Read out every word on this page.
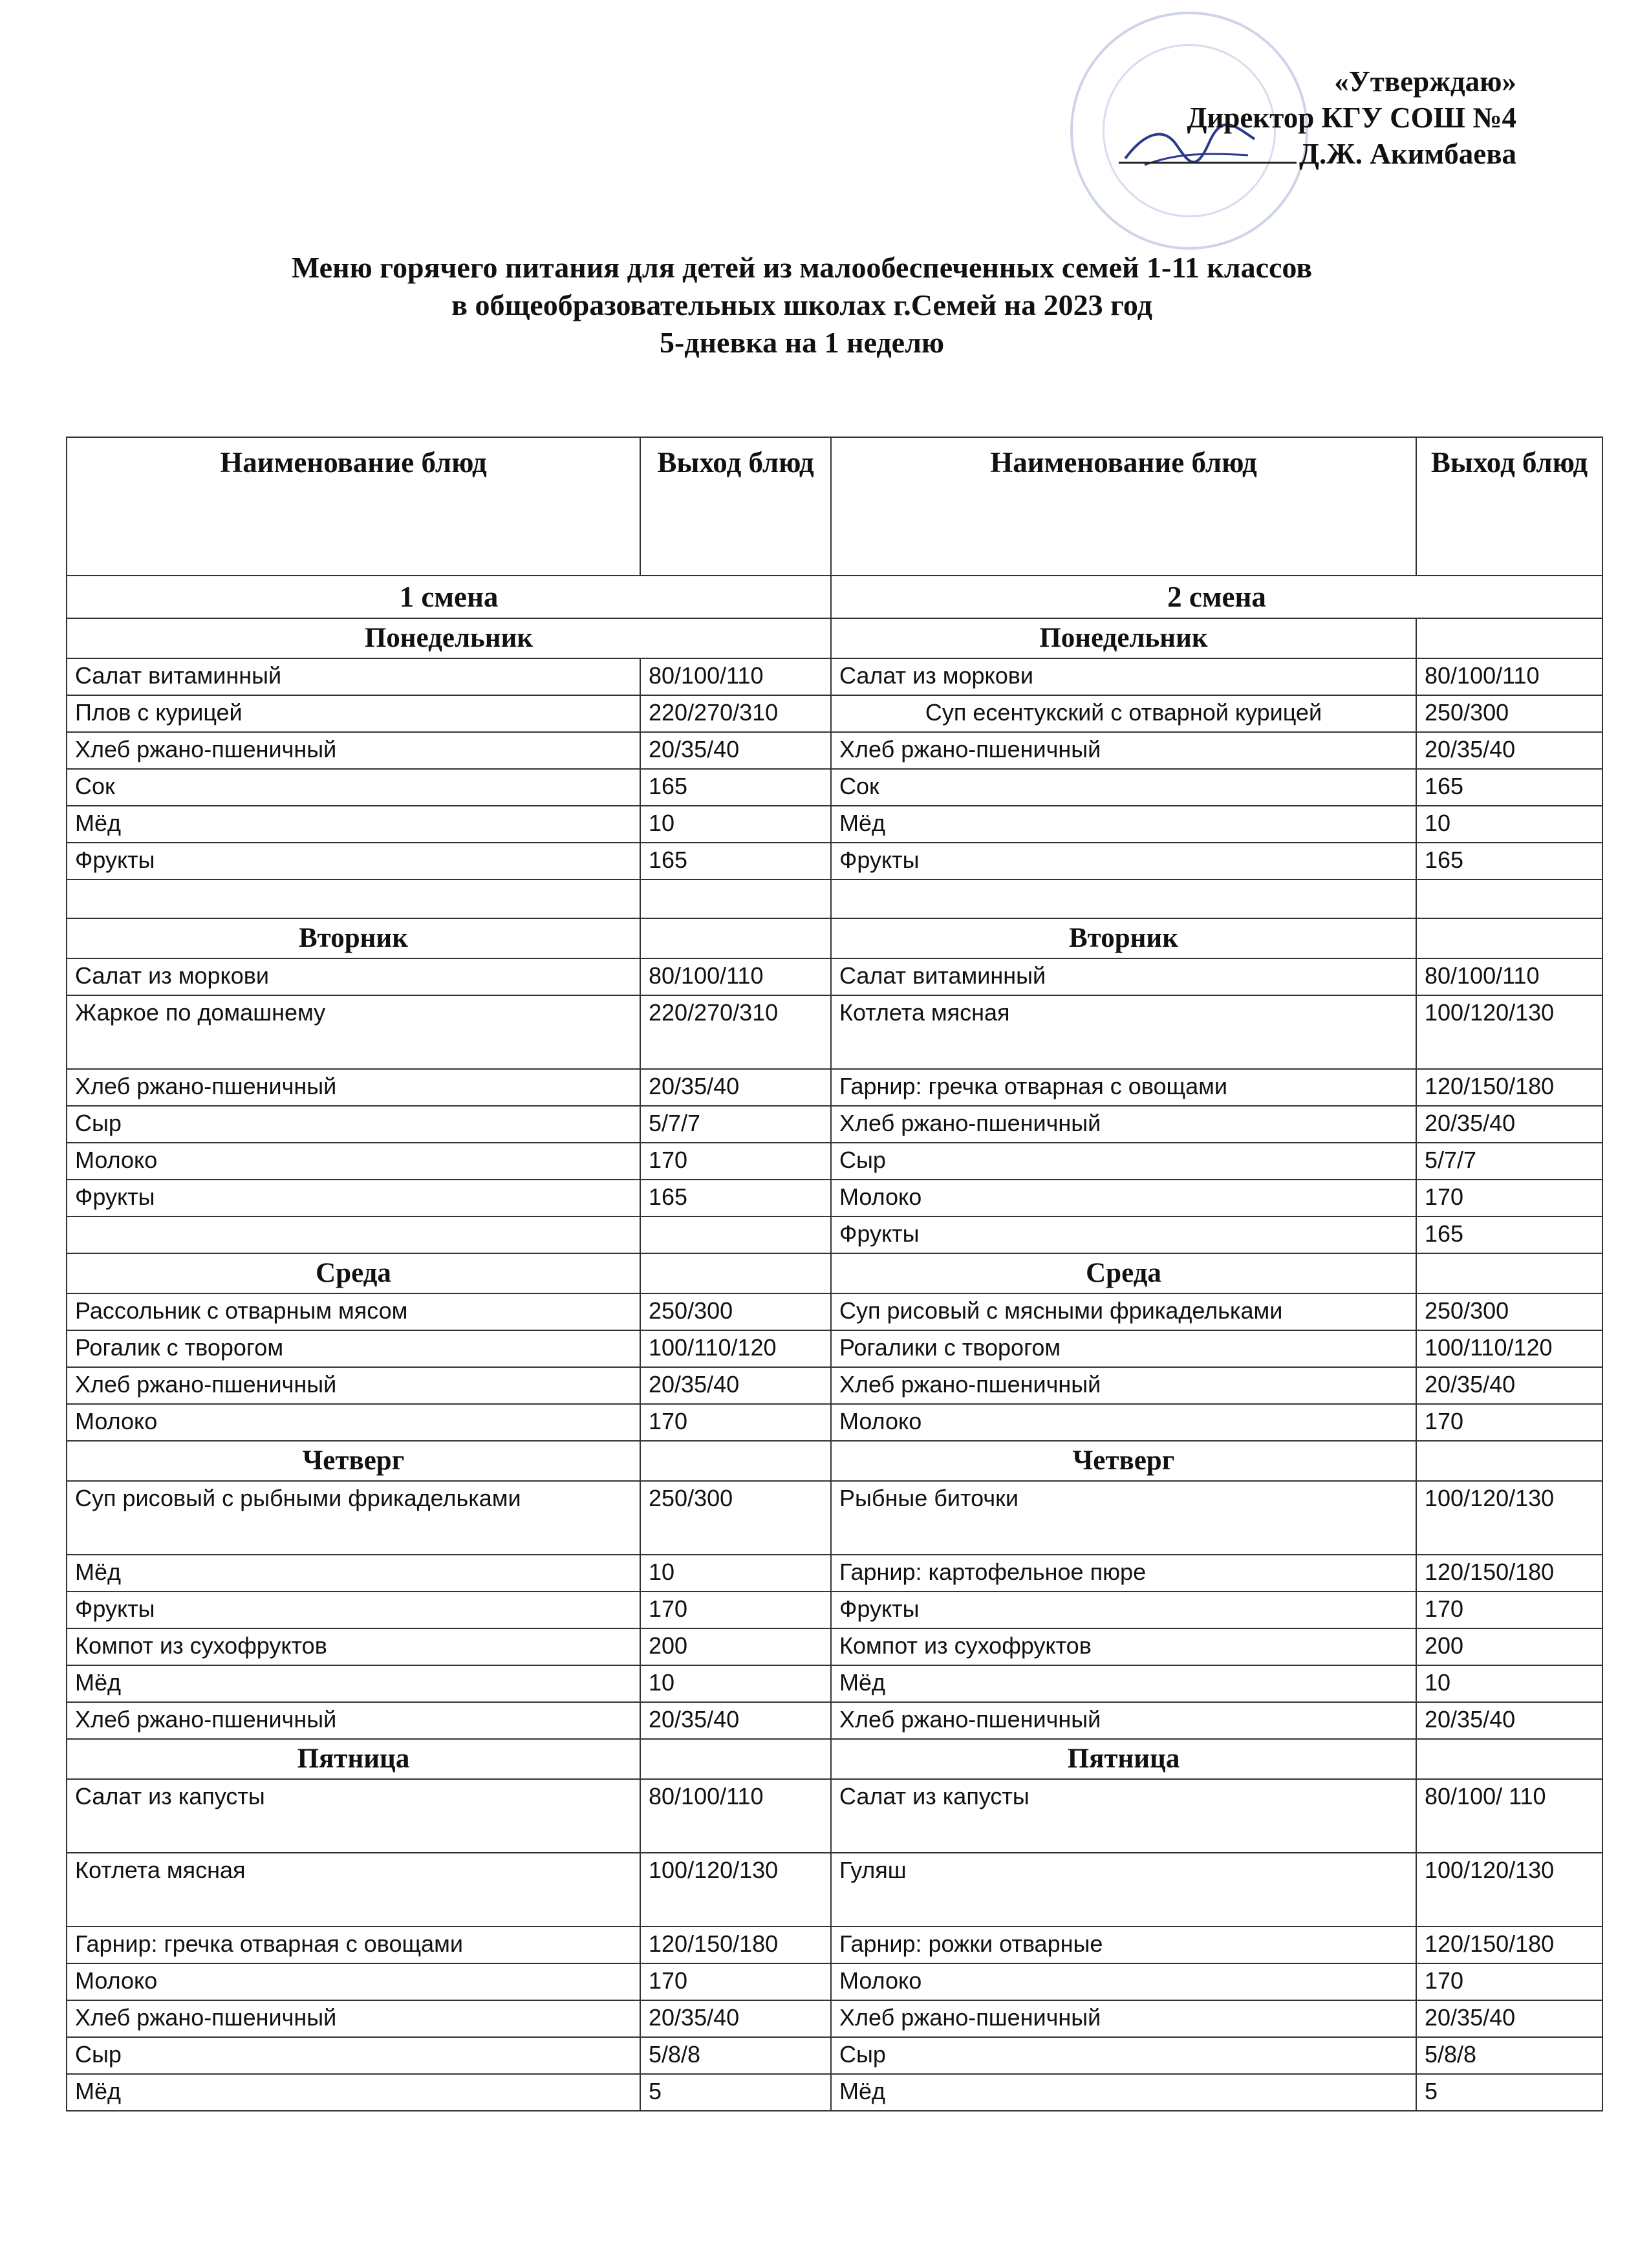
«Утверждаю»
Директор КГУ СОШ №4
Д.Ж. Акимбаева
Меню горячего питания для детей из малообеспеченных семей 1-11 классов
в общеобразовательных школах г.Семей на 2023 год
5-дневка на 1 неделю
Наименование блюд	Выход блюд	Наименование блюд	Выход блюд
1 смена		2 смена	
Понедельник		Понедельник	
Салат витаминный	80/100/110	Салат из моркови	80/100/110
Плов с курицей	220/270/310	Суп есентукский с отварной курицей	250/300
Хлеб ржано-пшеничный	20/35/40	Хлеб ржано-пшеничный	20/35/40
Сок	165	Сок	165
Мёд	10	Мёд	10
Фрукты	165	Фрукты	165

Вторник		Вторник	
Салат из моркови	80/100/110	Салат витаминный	80/100/110
Жаркое по домашнему	220/270/310	Котлета мясная	100/120/130
Хлеб ржано-пшеничный	20/35/40	Гарнир: гречка отварная с овощами	120/150/180
Сыр	5/7/7	Хлеб ржано-пшеничный	20/35/40
Молоко	170	Сыр	5/7/7
Фрукты	165	Молоко	170
		Фрукты	165
Среда		Среда	
Рассольник с отварным мясом	250/300	Суп рисовый с мясными фрикадельками	250/300
Рогалик с творогом	100/110/120	Рогалики с творогом	100/110/120
Хлеб ржано-пшеничный	20/35/40	Хлеб ржано-пшеничный	20/35/40
Молоко	170	Молоко	170
Четверг		Четверг	
Суп рисовый с рыбными фрикадельками	250/300	Рыбные биточки	100/120/130
Мёд	10	Гарнир: картофельное пюре	120/150/180
Фрукты	170	Фрукты	170
Компот из сухофруктов	200	Компот из сухофруктов	200
Мёд	10	Мёд	10
Хлеб ржано-пшеничный	20/35/40	Хлеб ржано-пшеничный	20/35/40
Пятница		Пятница	
Салат из капусты	80/100/110	Салат из капусты	80/100/ 110
Котлета мясная	100/120/130	Гуляш	100/120/130
Гарнир: гречка отварная с овощами	120/150/180	Гарнир: рожки отварные	120/150/180
Молоко	170	Молоко	170
Хлеб ржано-пшеничный	20/35/40	Хлеб ржано-пшеничный	20/35/40
Сыр	5/8/8	Сыр	5/8/8
Мёд	5	Мёд	5
